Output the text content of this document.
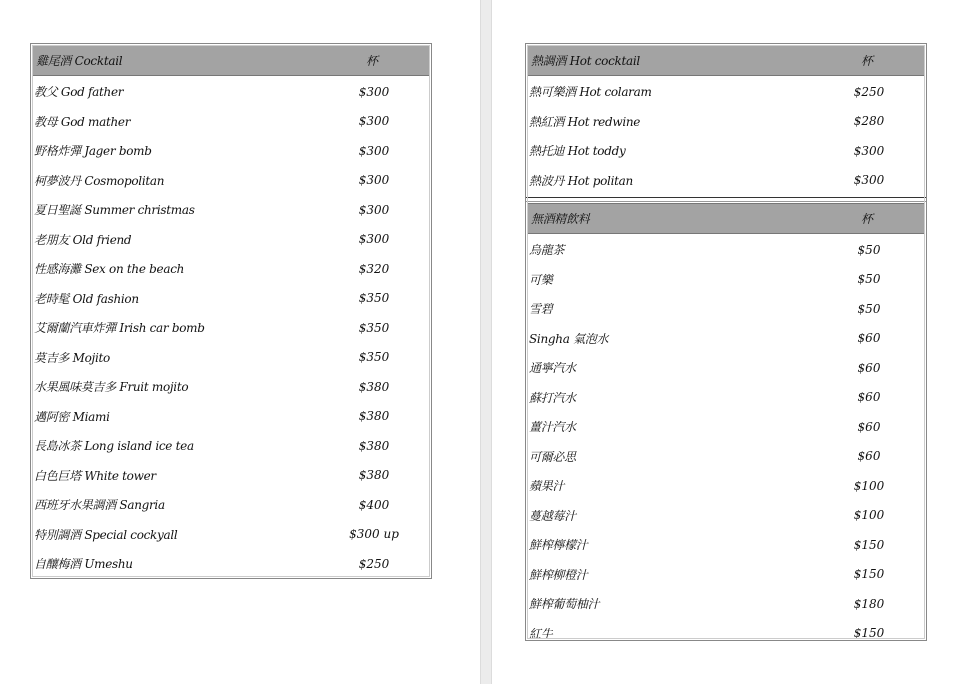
雞尾酒 Cocktail	杯
教父 God father	$300
教母 God mather	$300
野格炸彈 Jager bomb	$300
柯夢波丹 Cosmopolitan	$300
夏日聖誕 Summer christmas	$300
老朋友 Old friend	$300
性感海灘 Sex on the beach	$320
老時髦 Old fashion	$350
艾爾蘭汽車炸彈 Irish car bomb	$350
莫吉多 Mojito	$350
水果風味莫吉多 Fruit mojito	$380
邁阿密 Miami	$380
長島冰茶 Long island ice tea	$380
白色巨塔 White tower	$380
西班牙水果調酒 Sangria	$400
特別調酒 Special cockyall	$300 up
自釀梅酒 Umeshu	$250
熱調酒 Hot cocktail	杯
熱可樂酒 Hot colaram	$250
熱紅酒 Hot redwine	$280
熱托迪 Hot toddy	$300
熱波丹 Hot politan	$300
無酒精飲料	杯
烏龍茶	$50
可樂	$50
雪碧	$50
Singha 氣泡水	$60
通寧汽水	$60
蘇打汽水	$60
薑汁汽水	$60
可爾必思	$60
蘋果汁	$100
蔓越莓汁	$100
鮮榨檸檬汁	$150
鮮榨柳橙汁	$150
鮮榨葡萄柚汁	$180
紅牛	$150
